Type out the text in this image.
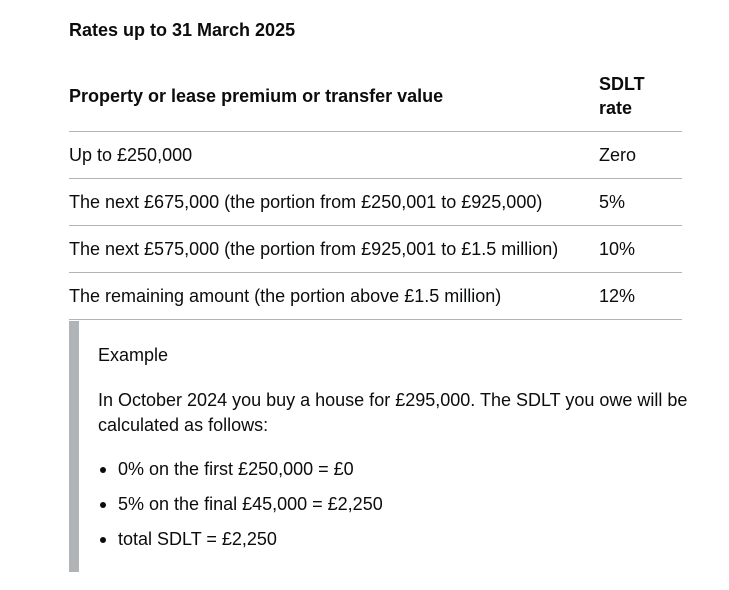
Rates up to 31 March 2025
Property or lease premium or transfer value	SDLT rate
Up to £250,000	Zero
The next £675,000 (the portion from £250,001 to £925,000)	5%
The next £575,000 (the portion from £925,001 to £1.5 million)	10%
The remaining amount (the portion above £1.5 million)	12%

Example

In October 2024 you buy a house for £295,000. The SDLT you owe will be calculated as follows:

0% on the first £250,000 = £0
5% on the final £45,000 = £2,250
total SDLT = £2,250
